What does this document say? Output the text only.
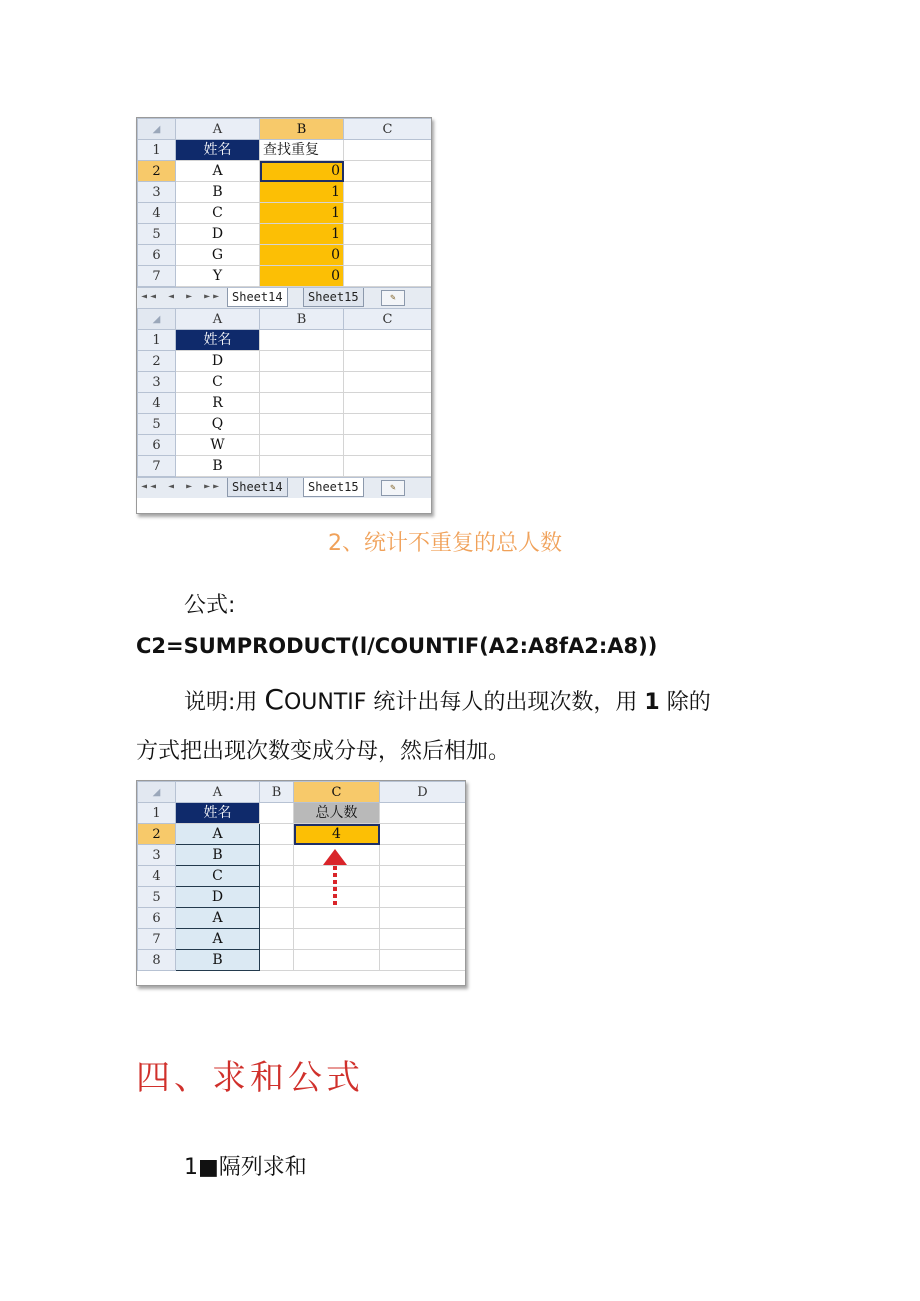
◢	A	B	C
1	姓名	查找重复	
2	A	0	
3	B	1	
4	C	1	
5	D	1	
6	G	0	
7	Y	0	
◄◄ ◄ ► ►► Sheet14	Sheet15	✎
◢	A	B	C
1	姓名		
2	D		
3	C		
4	R		
5	Q		
6	W		
7	B		
◄◄ ◄ ► ►► Sheet14	Sheet15	✎
2、统计不重复的总人数
公式:
C2=SUMPRODUCT(l/COUNTIF(A2:A8fA2:A8))
说明:用 COUNTIF 统计出每人的出现次数，用 1 除的
方式把出现次数变成分母，然后相加。
◢	A	B	C	D
1	姓名		总人数	
2	A		4	
3	B			
4	C			
5	D			
6	A			
7	A			
8	B			
四、求和公式
1■隔列求和
